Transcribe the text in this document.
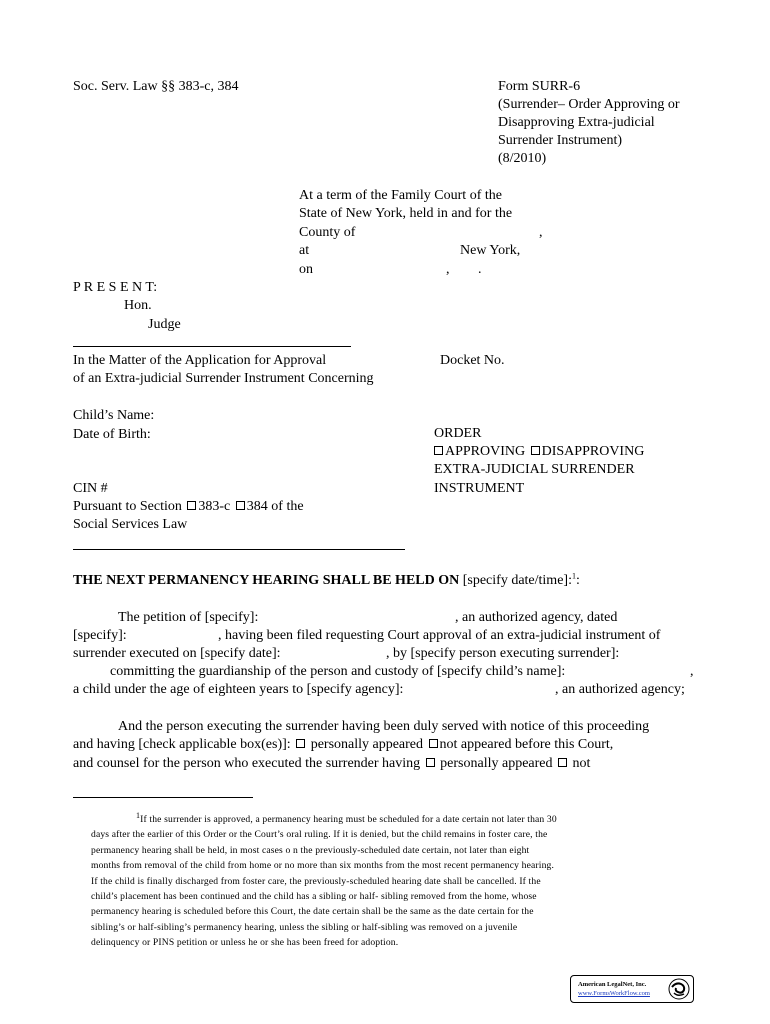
Soc. Serv. Law §§ 383-c, 384	Form SURR-6
(Surrender– Order Approving or
Disapproving Extra-judicial
Surrender Instrument)
(8/2010)
At a term of the Family Court of the
State of New York, held in and for the
County of	,
at	New York,
on	, .
P R E S E N T:
Hon.
Judge
In the Matter of the Application for Approval
of an Extra-judicial Surrender Instrument Concerning
Docket No.
Child’s Name:
Date of Birth:
CIN #
Pursuant to Section 383-c 384 of the
Social Services Law
ORDER
APPROVING DISAPPROVING
EXTRA-JUDICIAL SURRENDER
INSTRUMENT
THE NEXT PERMANENCY HEARING SHALL BE HELD ON [specify date/time]:$^1$:
The petition of [specify]:	, an authorized agency, dated
[specify]:	, having been filed requesting Court approval of an extra-judicial instrument of
surrender executed on [specify date]:	, by [specify person executing surrender]:
committing the guardianship of the person and custody of [specify child’s name]:	,
a child under the age of eighteen years to [specify agency]:	, an authorized agency;
And the person executing the surrender having been duly served with notice of this proceeding
and having [check applicable box(es)]: personally appeared not appeared before this Court,
and counsel for the person who executed the surrender having personally appeared not
$^1$If the surrender is approved, a permanency hearing must be scheduled for a date certain not later than 30
days after the earlier of this Order or the Court’s oral ruling. If it is denied, but the child remains in foster care, the
permanency hearing shall be held, in most cases o n the previously-scheduled date certain, not later than eight
months from removal of the child from home or no more than six months from the most recent permanency hearing.
If the child is finally discharged from foster care, the previously-scheduled hearing date shall be cancelled. If the
child’s placement has been continued and the child has a sibling or half- sibling removed from the home, whose
permanency hearing is scheduled before this Court, the date certain shall be the same as the date certain for the
sibling’s or half-sibling’s permanency hearing, unless the sibling or half-sibling was removed on a juvenile
delinquency or PINS petition or unless he or she has been freed for adoption.
American LegalNet, Inc.
www.FormsWorkFlow.com
